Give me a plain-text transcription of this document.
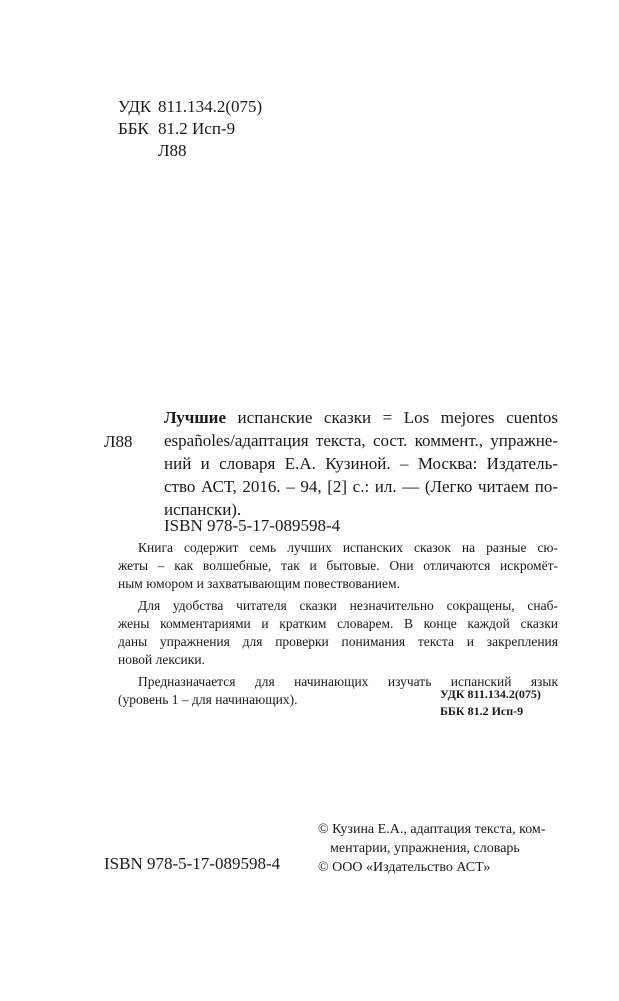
УДК 811.134.2(075)
ББК 81.2 Исп-9
Л88
Л88
Лучшие испанские сказки = Los mejores cuentos
españoles/адаптация текста, сост. коммент., упражне-
ний и словаря Е.А. Кузиной. – Москва: Издатель-
ство АСТ, 2016. – 94, [2] с.: ил. — (Легко читаем по-
испански).
ISBN 978-5-17-089598-4
Книга содержит семь лучших испанских сказок на разные сю-
жеты – как волшебные, так и бытовые. Они отличаются искромёт-
ным юмором и захватывающим повествованием.
Для удобства читателя сказки незначительно сокращены, снаб-
жены комментариями и кратким словарем. В конце каждой сказки
даны упражнения для проверки понимания текста и закрепления
новой лексики.
Предназначается для начинающих изучать испанский язык
(уровень 1 – для начинающих).	УДК 811.134.2(075)
ББК 81.2 Исп-9
ISBN 978-5-17-089598-4
© Кузина Е.А., адаптация текста, ком-
ментарии, упражнения, словарь
© ООО «Издательство АСТ»
